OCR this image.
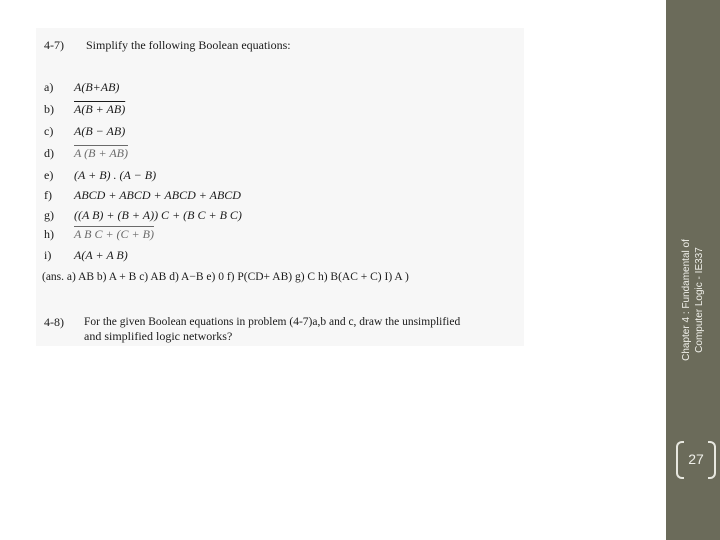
4-7) Simplify the following Boolean equations:
a) A(B+AB)
b) A(B + AB)
c) A(B − AB)
d) A (B + AB)
e) (A + B) . (A − B)
f) ABCD + ABCD + ABCD + ABCD
g) ((A B) + (B + A)) C + (B C + B C)
h) A B C + (C + B)
i) A(A + A B)
(ans. a) AB b) A + B c) AB d) A−B e) 0 f) P(CD+ AB) g) C h) B(AC + C) I) A )
4-8) For the given Boolean equations in problem (4-7)a,b and c, draw the unsimplified
and simplified logic networks?	Chapter 4 : Fundamental of Computer Logic - IE337
27
